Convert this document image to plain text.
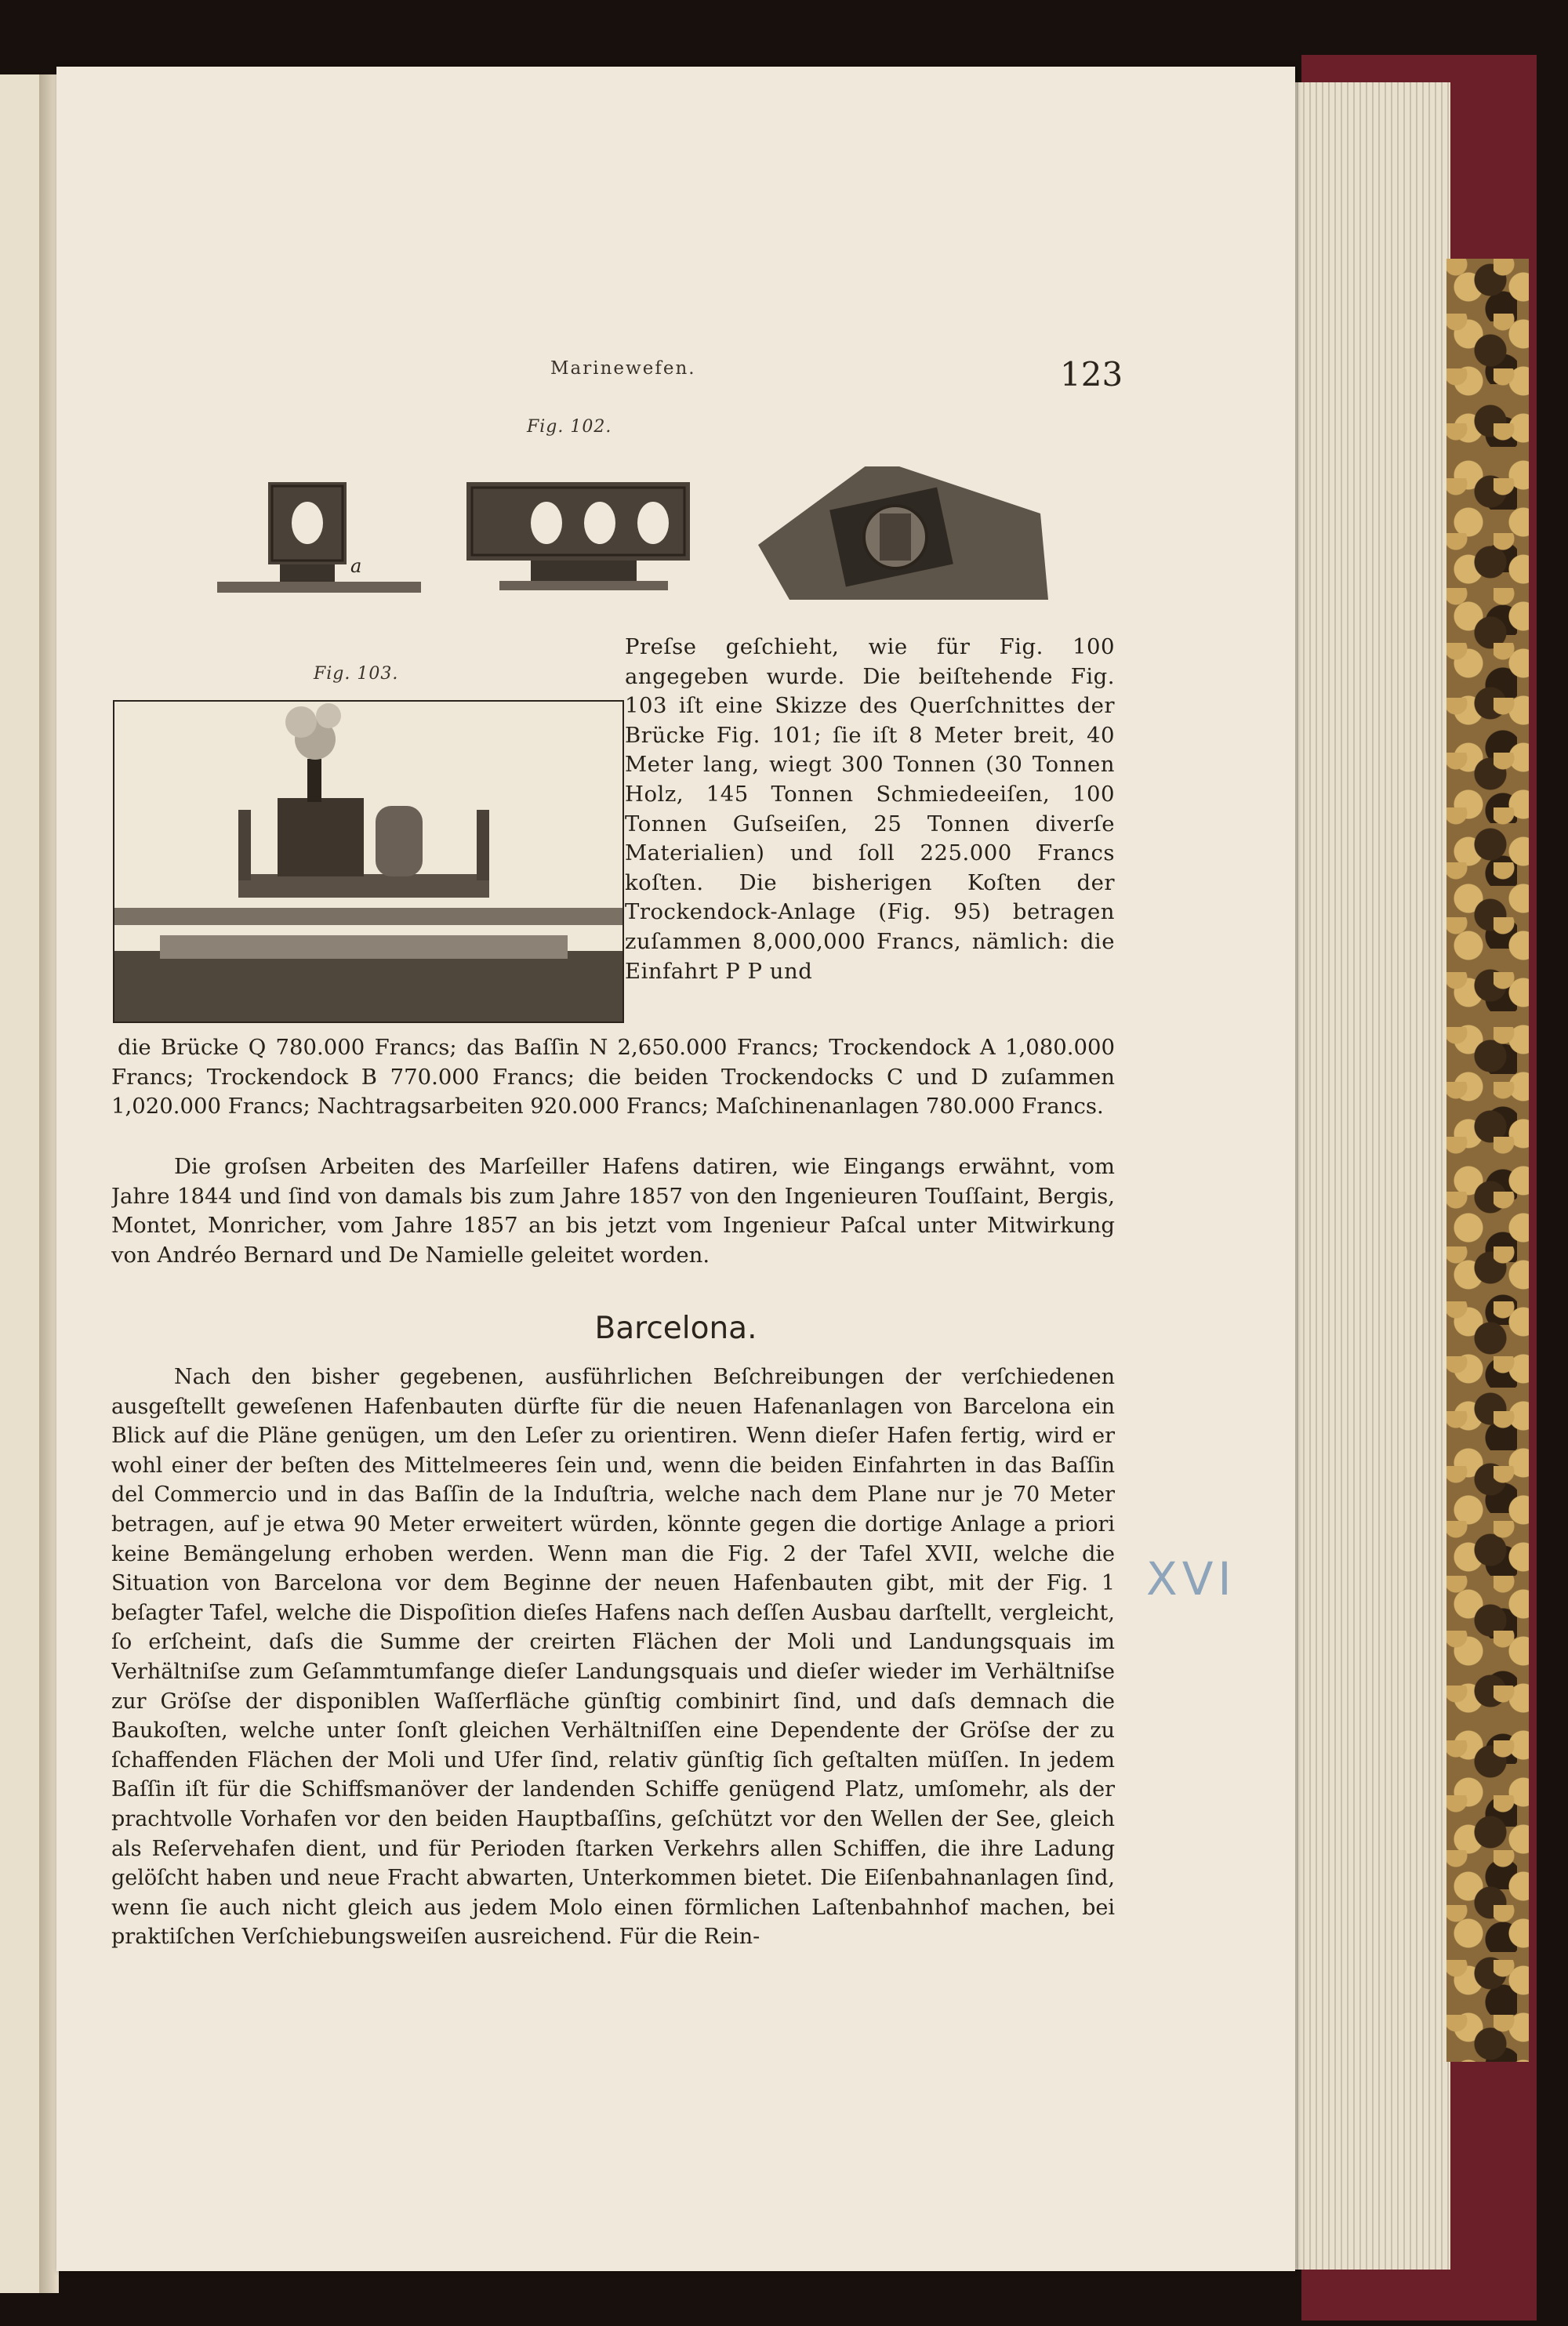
Marinewefen.	123
Fig. 102.
a
Fig. 103.
Preſse geſchieht, wie für Fig. 100 angegeben wurde. Die beiſtehende Fig. 103 iſt eine Skizze des Querſchnittes der Brücke Fig. 101; ſie iſt 8 Meter breit, 40 Meter lang, wiegt 300 Tonnen (30 Tonnen Holz, 145 Tonnen Schmiedeeiſen, 100 Tonnen Guſseiſen, 25 Tonnen diverſe Materialien) und ſoll 225.000 Francs koſten. Die bisherigen Koſten der Trockendock-Anlage (Fig. 95) betragen zuſammen 8,000,000 Francs, nämlich: die Einfahrt P P und
die Brücke Q 780.000 Francs; das Baſſin N 2,650.000 Francs; Trockendock A 1,080.000 Francs; Trockendock B 770.000 Francs; die beiden Trockendocks C und D zuſammen 1,020.000 Francs; Nachtragsarbeiten 920.000 Francs; Maſchinenanlagen 780.000 Francs.
Die groſsen Arbeiten des Marſeiller Hafens datiren, wie Eingangs erwähnt, vom Jahre 1844 und ſind von damals bis zum Jahre 1857 von den Ingenieuren Touſſaint, Bergis, Montet, Monricher, vom Jahre 1857 an bis jetzt vom Ingenieur Paſcal unter Mitwirkung von Andréo Bernard und De Namielle geleitet worden.
Barcelona.
Nach den bisher gegebenen, ausführlichen Beſchreibungen der verſchiedenen ausgeſtellt geweſenen Hafenbauten dürfte für die neuen Hafenanlagen von Barcelona ein Blick auf die Pläne genügen, um den Leſer zu orientiren. Wenn dieſer Hafen fertig, wird er wohl einer der beſten des Mittelmeeres ſein und, wenn die beiden Einfahrten in das Baſſin del Commercio und in das Baſſin de la Induſtria, welche nach dem Plane nur je 70 Meter betragen, auf je etwa 90 Meter erweitert würden, könnte gegen die dortige Anlage a priori keine Bemängelung erhoben werden. Wenn man die Fig. 2 der Tafel XVII, welche die Situation von Barcelona vor dem Beginne der neuen Hafenbauten gibt, mit der Fig. 1 beſagter Tafel, welche die Dispoſition dieſes Hafens nach deſſen Ausbau darſtellt, vergleicht, ſo erſcheint, daſs die Summe der creirten Flächen der Moli und Landungsquais im Verhältniſse zum Geſammtumfange dieſer Landungsquais und dieſer wieder im Verhältniſse zur Gröſse der disponiblen Waſſerfläche günſtig combinirt ſind, und daſs demnach die Baukoſten, welche unter ſonſt gleichen Verhältniſſen eine Dependente der Gröſse der zu ſchaffenden Flächen der Moli und Ufer ſind, relativ günſtig ſich geſtalten müſſen. In jedem Baſſin iſt für die Schiffsmanöver der landenden Schiffe genügend Platz, umſomehr, als der prachtvolle Vorhafen vor den beiden Hauptbaſſins, geſchützt vor den Wellen der See, gleich als Reſervehafen dient, und für Perioden ſtarken Verkehrs allen Schiffen, die ihre Ladung gelöſcht haben und neue Fracht abwarten, Unterkommen bietet. Die Eiſenbahnanlagen ſind, wenn ſie auch nicht gleich aus jedem Molo einen förmlichen Laſtenbahnhof machen, bei praktiſchen Verſchiebungsweiſen ausreichend. Für die Rein-
XVI
